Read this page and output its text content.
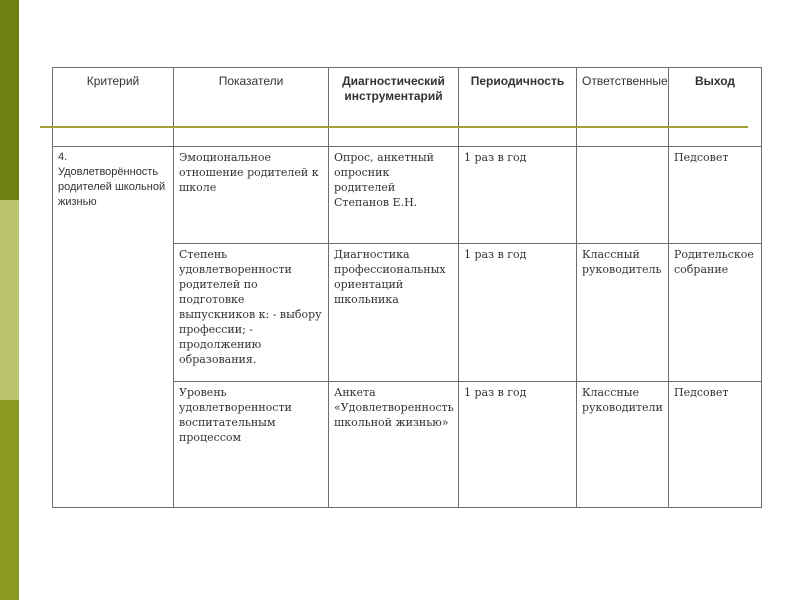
Критерий	Показатели	Диагностический инструментарий	Периодичность	Ответственные	Выход
4. Удовлетворённость родителей школьной жизнью	Эмоциональное отношение родителей к школе	Опрос, анкетный опросник родителей Степанов Е.Н.	1 раз в год		Педсовет
	Степень удовлетворенности родителей по подготовке выпускников к: - выбору профессии; - продолжению образования.	Диагностика профессиональных ориентаций школьника	1 раз в год	Классный руководитель	Родительское собрание
	Уровень удовлетворенности воспитательным процессом	Анкета «Удовлетворенность школьной жизнью»	1 раз в год	Классные руководители	Педсовет
